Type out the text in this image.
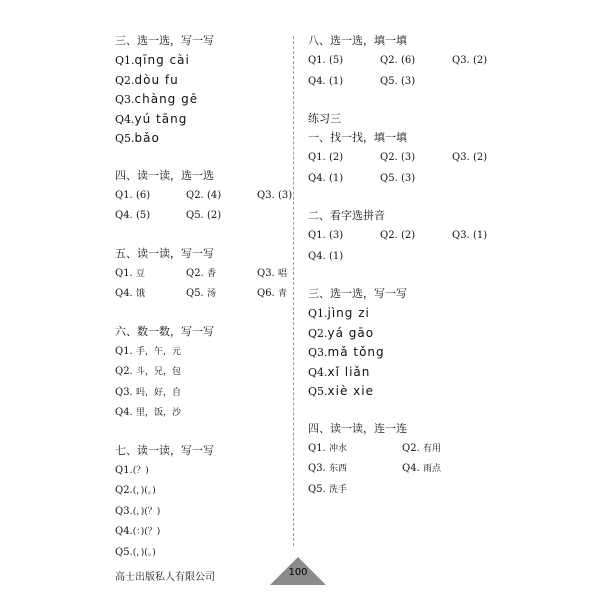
三、选一选，写一写
Q1.qīng cài
Q2.dòu fu
Q3.chàng gē
Q4.yú tāng
Q5.bǎo
四、读一读，选一选
Q1. (6)	Q2. (4)	Q3. (3)
Q4. (5)	Q5. (2)
五、读一读，写一写
Q1. 豆	Q2. 香	Q3. 唱
Q4. 饿	Q5. 汤	Q6. 青
六、数一数，写一写
Q1. 手，午，元
Q2. 斗，兄，包
Q3. 吗，好，自
Q4. 里，饭，沙
七、读一读，写一写
Q1.(？)
Q2.(，)(。)
Q3.(，)(？)
Q4.(：)(？)
Q5.(，)(。)
八、选一选，填一填
Q1. (5)	Q2. (6)	Q3. (2)
Q4. (1)	Q5. (3)
练习三
一、找一找，填一填
Q1. (2)	Q2. (3)	Q3. (2)
Q4. (1)	Q5. (3)
二、看字选拼音
Q1. (3)	Q2. (2)	Q3. (1)
Q4. (1)
三、选一选，写一写
Q1.jìng zi
Q2.yá gāo
Q3.mǎ tǒng
Q4.xǐ liǎn
Q5.xiè xie
四、读一读，连一连
Q1. 冲水	Q2. 有用
Q3. 东西	Q4. 雨点
Q5. 洗手
高士出版私人有限公司	100
